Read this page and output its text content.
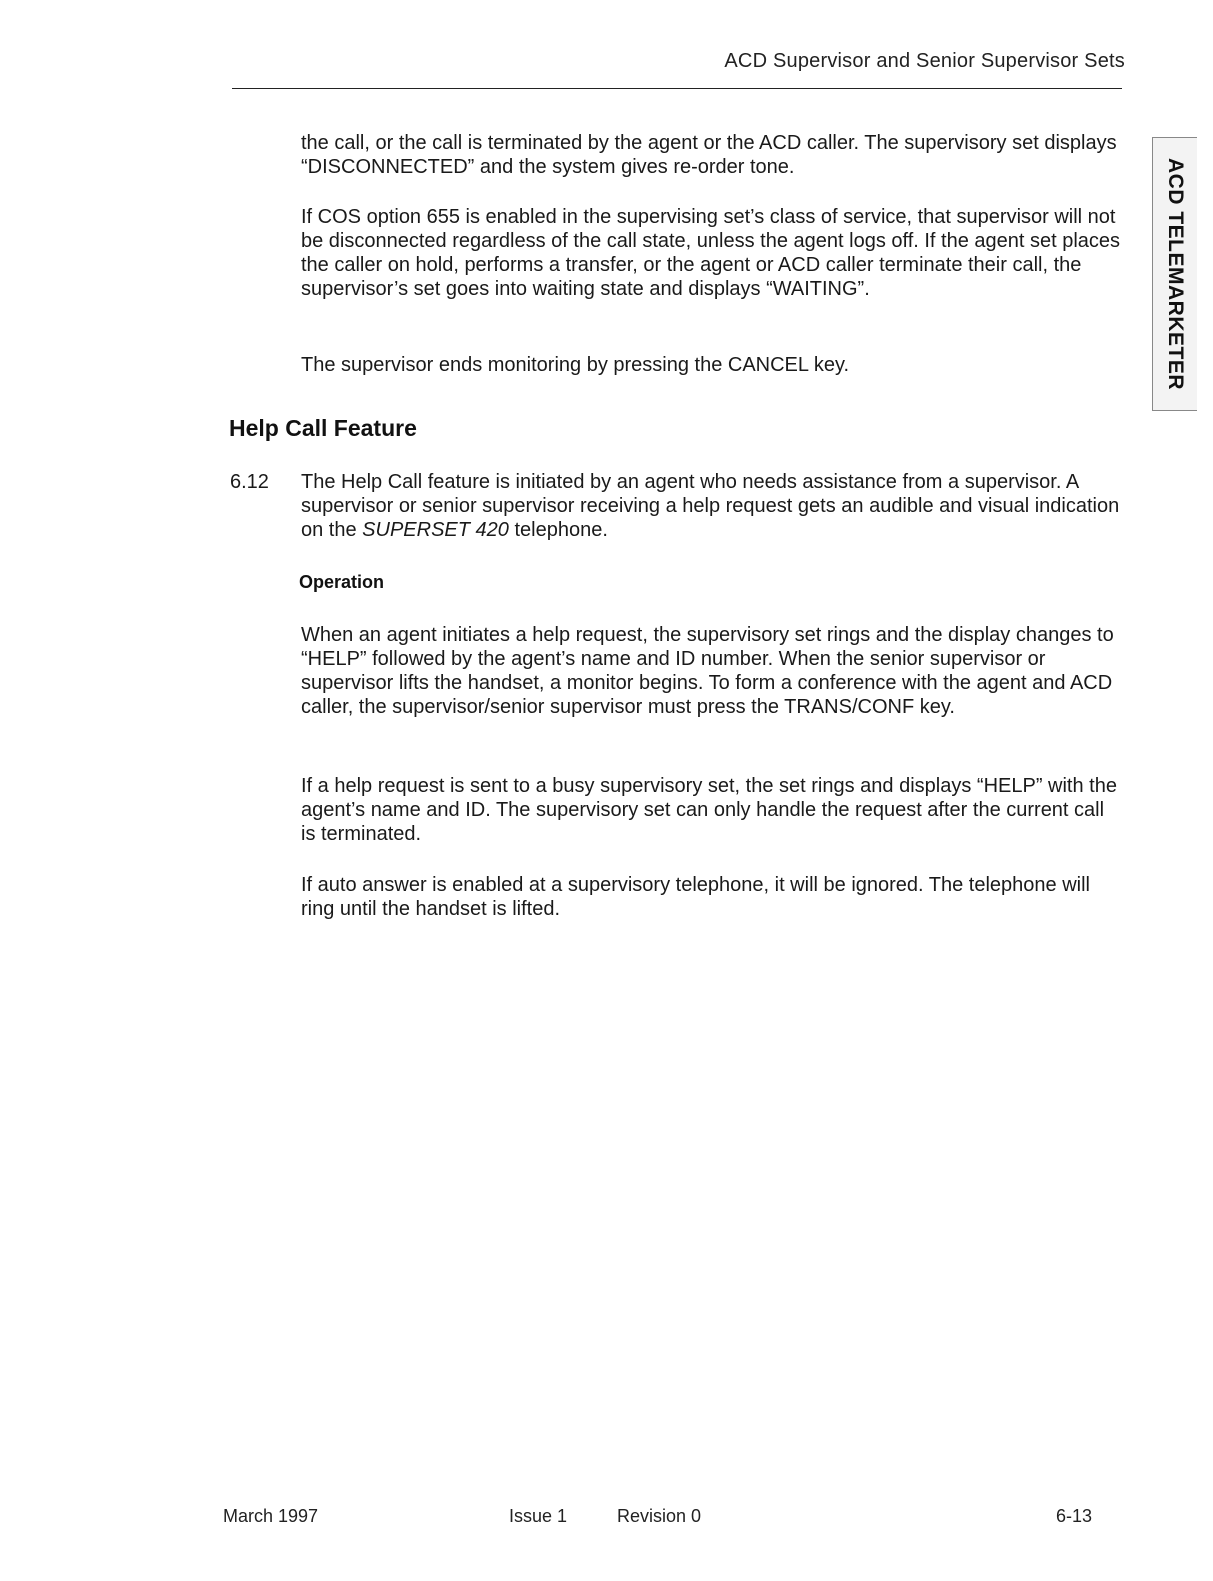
ACD Supervisor and Senior Supervisor Sets
ACD TELEMARKETER

the call, or the call is terminated by the agent or the ACD caller. The supervisory set displays “DISCONNECTED” and the system gives re-order tone.

If COS option 655 is enabled in the supervising set’s class of service, that supervisor will not be disconnected regardless of the call state, unless the agent logs off. If the agent set places the caller on hold, performs a transfer, or the agent or ACD caller terminate their call, the supervisor’s set goes into waiting state and displays “WAITING”.

The supervisor ends monitoring by pressing the CANCEL key.

Help Call Feature
6.12 The Help Call feature is initiated by an agent who needs assistance from a supervisor. A supervisor or senior supervisor receiving a help request gets an audible and visual indication on the SUPERSET 420 telephone.

Operation

When an agent initiates a help request, the supervisory set rings and the display changes to “HELP” followed by the agent’s name and ID number. When the senior supervisor or supervisor lifts the handset, a monitor begins. To form a conference with the agent and ACD caller, the supervisor/senior supervisor must press the TRANS/CONF key.

If a help request is sent to a busy supervisory set, the set rings and displays “HELP” with the agent’s name and ID. The supervisory set can only handle the request after the current call is terminated.

If auto answer is enabled at a supervisory telephone, it will be ignored. The telephone will ring until the handset is lifted.

March 1997	Issue 1	Revision 0	6-13
